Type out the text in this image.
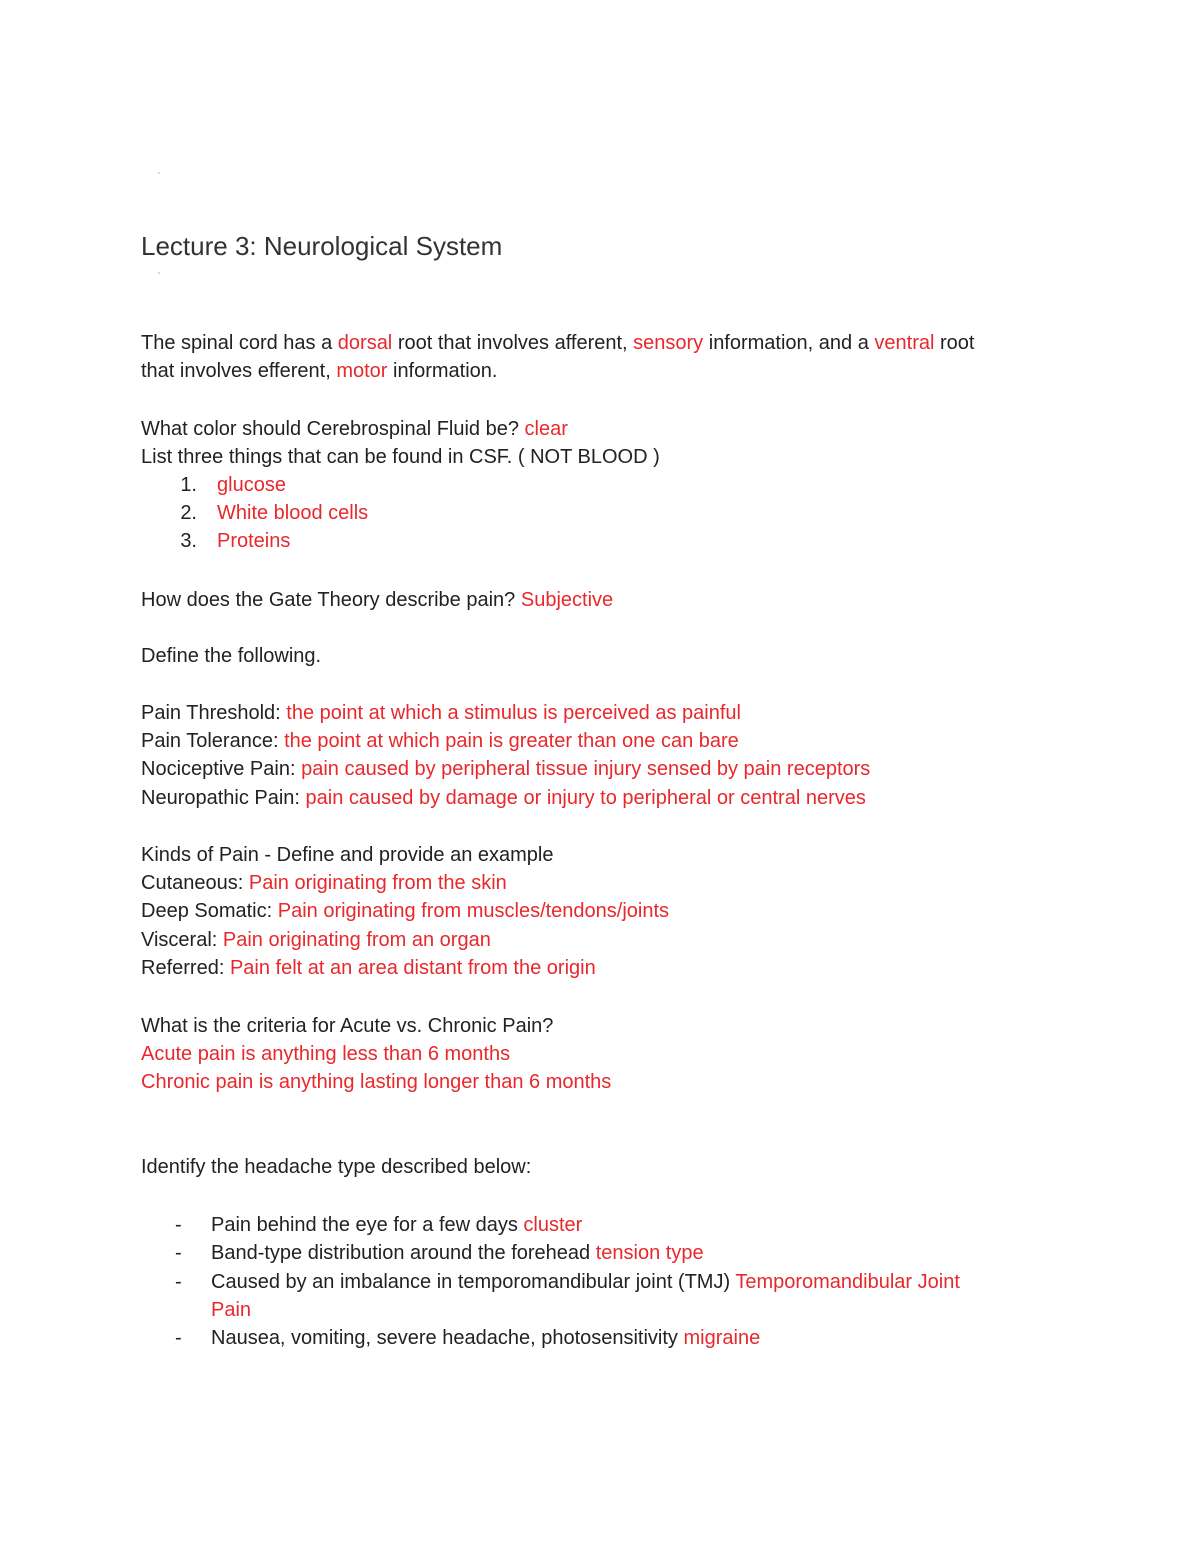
Lecture 3: Neurological System
The spinal cord has a dorsal root that involves afferent, sensory information, and a ventral root
that involves efferent, motor information.
What color should Cerebrospinal Fluid be? clear
List three things that can be found in CSF. ( NOT BLOOD )
1. glucose
2. White blood cells
3. Proteins
How does the Gate Theory describe pain? Subjective
Define the following.
Pain Threshold: the point at which a stimulus is perceived as painful
Pain Tolerance: the point at which pain is greater than one can bare
Nociceptive Pain: pain caused by peripheral tissue injury sensed by pain receptors
Neuropathic Pain: pain caused by damage or injury to peripheral or central nerves
Kinds of Pain - Define and provide an example
Cutaneous: Pain originating from the skin
Deep Somatic: Pain originating from muscles/tendons/joints
Visceral: Pain originating from an organ
Referred: Pain felt at an area distant from the origin
What is the criteria for Acute vs. Chronic Pain?
Acute pain is anything less than 6 months
Chronic pain is anything lasting longer than 6 months
Identify the headache type described below:
- Pain behind the eye for a few days cluster
- Band-type distribution around the forehead tension type
- Caused by an imbalance in temporomandibular joint (TMJ) Temporomandibular Joint
Pain
- Nausea, vomiting, severe headache, photosensitivity migraine
